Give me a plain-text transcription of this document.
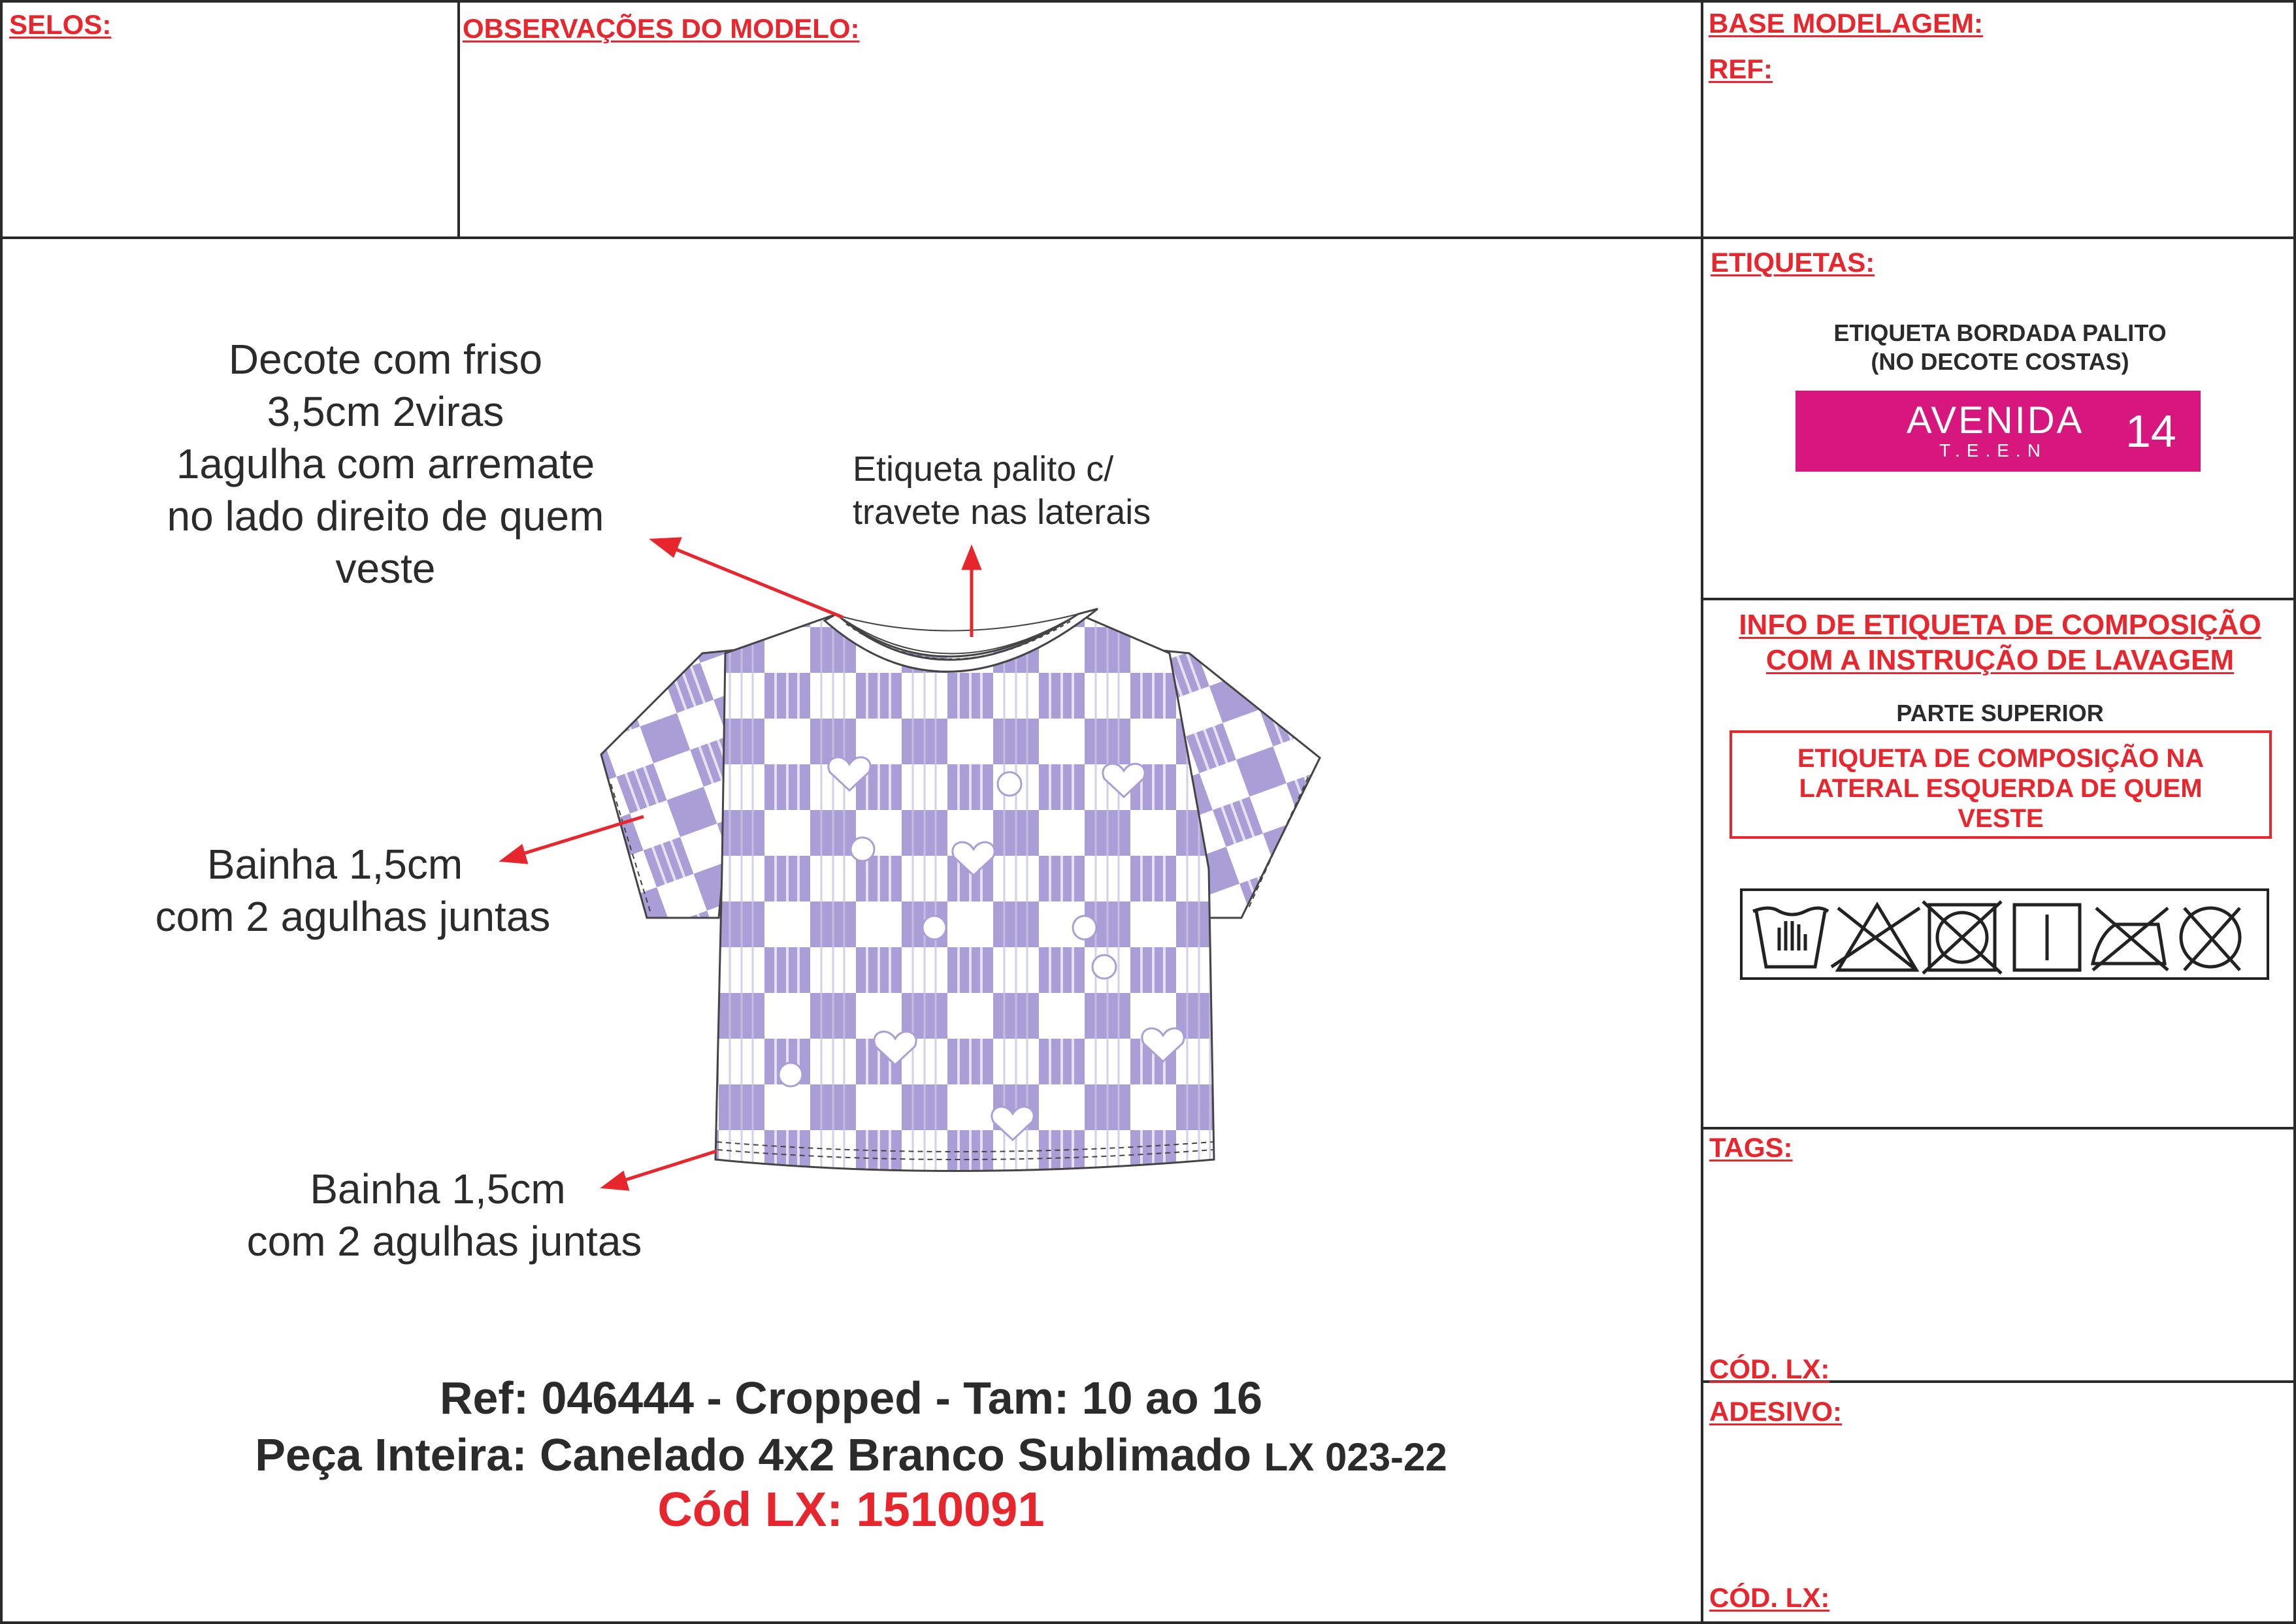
SELOS:	OBSERVAÇÕES DO MODELO:	BASE MODELAGEM:
REF:
Decote com friso
3,5cm 2viras
1agulha com arremate
no lado direito de quem
veste
Etiqueta palito c/
travete nas laterais
Bainha 1,5cm
com 2 agulhas juntas
Bainha 1,5cm
com 2 agulhas juntas
Ref: 046444 - Cropped - Tam: 10 ao 16
Peça Inteira: Canelado 4x2 Branco Sublimado LX 023-22
Cód LX: 1510091
ETIQUETAS:
ETIQUETA BORDADA PALITO
(NO DECOTE COSTAS)
AVENIDA
T.E.E.N 14
INFO DE ETIQUETA DE COMPOSIÇÃO
COM A INSTRUÇÃO DE LAVAGEM
PARTE SUPERIOR
ETIQUETA DE COMPOSIÇÃO NA
LATERAL ESQUERDA DE QUEM
VESTE
TAGS:
CÓD. LX:
ADESIVO:
CÓD. LX:
